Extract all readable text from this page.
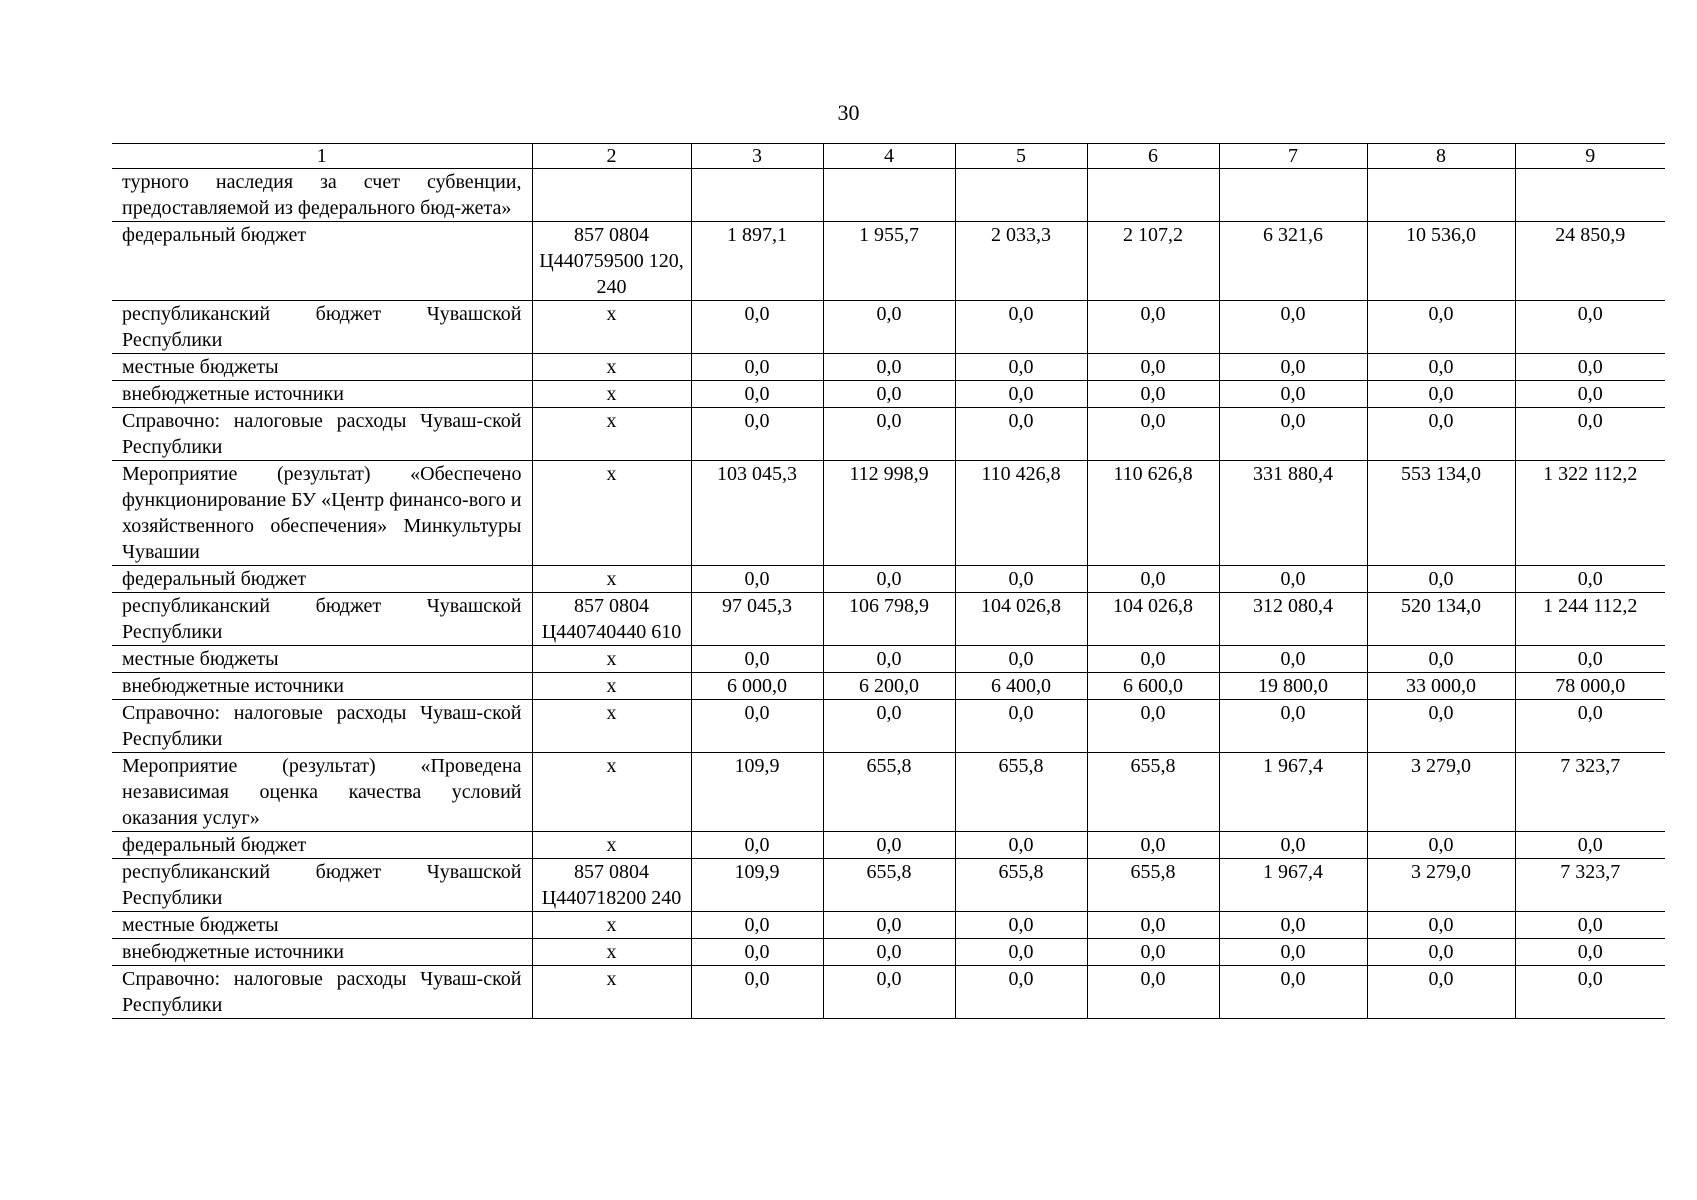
30
1	2	3	4	5	6	7	8	9
турного наследия за счет субвенции, предоставляемой из федерального бюд-жета»								
федеральный бюджет	857 0804 Ц440759500 120, 240	1 897,1	1 955,7	2 033,3	2 107,2	6 321,6	10 536,0	24 850,9
республиканский бюджет Чувашской Республики	х	0,0	0,0	0,0	0,0	0,0	0,0	0,0
местные бюджеты	х	0,0	0,0	0,0	0,0	0,0	0,0	0,0
внебюджетные источники	х	0,0	0,0	0,0	0,0	0,0	0,0	0,0
Справочно: налоговые расходы Чуваш-ской Республики	х	0,0	0,0	0,0	0,0	0,0	0,0	0,0
Мероприятие (результат) «Обеспечено функционирование БУ «Центр финансо-вого и хозяйственного обеспечения» Минкультуры Чувашии	х	103 045,3	112 998,9	110 426,8	110 626,8	331 880,4	553 134,0	1 322 112,2
федеральный бюджет	х	0,0	0,0	0,0	0,0	0,0	0,0	0,0
республиканский бюджет Чувашской Республики	857 0804 Ц440740440 610	97 045,3	106 798,9	104 026,8	104 026,8	312 080,4	520 134,0	1 244 112,2
местные бюджеты	х	0,0	0,0	0,0	0,0	0,0	0,0	0,0
внебюджетные источники	х	6 000,0	6 200,0	6 400,0	6 600,0	19 800,0	33 000,0	78 000,0
Справочно: налоговые расходы Чуваш-ской Республики	х	0,0	0,0	0,0	0,0	0,0	0,0	0,0
Мероприятие (результат) «Проведена независимая оценка качества условий оказания услуг»	х	109,9	655,8	655,8	655,8	1 967,4	3 279,0	7 323,7
федеральный бюджет	х	0,0	0,0	0,0	0,0	0,0	0,0	0,0
республиканский бюджет Чувашской Республики	857 0804 Ц440718200 240	109,9	655,8	655,8	655,8	1 967,4	3 279,0	7 323,7
местные бюджеты	х	0,0	0,0	0,0	0,0	0,0	0,0	0,0
внебюджетные источники	х	0,0	0,0	0,0	0,0	0,0	0,0	0,0
Справочно: налоговые расходы Чуваш-ской Республики	х	0,0	0,0	0,0	0,0	0,0	0,0	0,0
